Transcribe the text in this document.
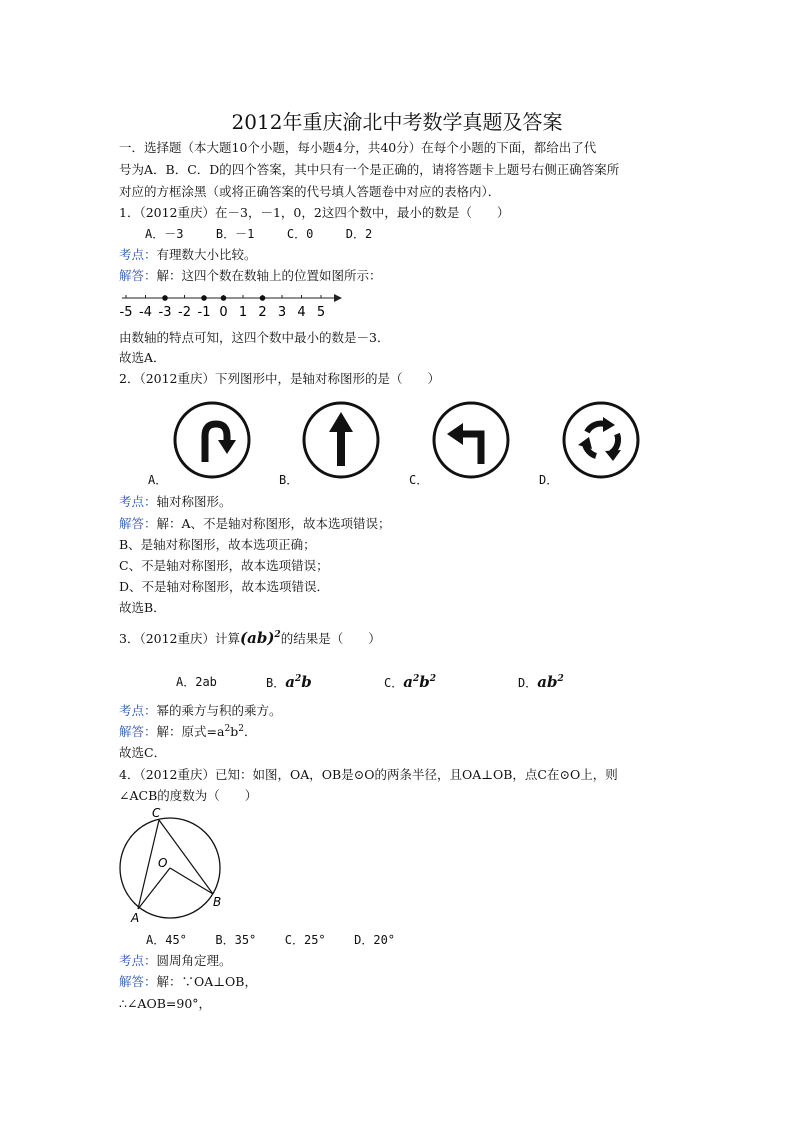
2012年重庆渝北中考数学真题及答案
一．选择题（本大题10个小题，每小题4分，共40分）在每个小题的下面，都给出了代
号为A．B．C．D的四个答案，其中只有一个是正确的，请将答题卡上题号右侧正确答案所
对应的方框涂黑（或将正确答案的代号填人答题卷中对应的表格内）．
1．（2012重庆）在－3，－1，0，2这四个数中，最小的数是（　　）
A．－3	B．－1	C．0	D．2
考点：有理数大小比较。
解答：解：这四个数在数轴上的位置如图所示：
-5 -4 -3 -2 -1 0 1 2 3 4 5
由数轴的特点可知，这四个数中最小的数是－3．
故选A．
2．（2012重庆）下列图形中，是轴对称图形的是（　　）
A．	B．	C．	D．
考点：轴对称图形。
解答：解：A、不是轴对称图形，故本选项错误；
B、是轴对称图形，故本选项正确；
C、不是轴对称图形，故本选项错误；
D、不是轴对称图形，故本选项错误．
故选B．
3．（2012重庆）计算(ab)$^2$的结果是（　　）
A．2ab	B．$a^2b$	C．$a^2b^2$	D．$ab^2$
考点：幂的乘方与积的乘方。
解答：解：原式$=a^2b^2$．
故选C．
4．（2012重庆）已知：如图，OA，OB是⊙O的两条半径，且OA⊥OB，点C在⊙O上，则
∠ACB的度数为（　　）
C
O
A
B
A．45° B．35° C．25° D．20°
考点：圆周角定理。
解答：解：∵OA⊥OB，
∴∠AOB=90°，
